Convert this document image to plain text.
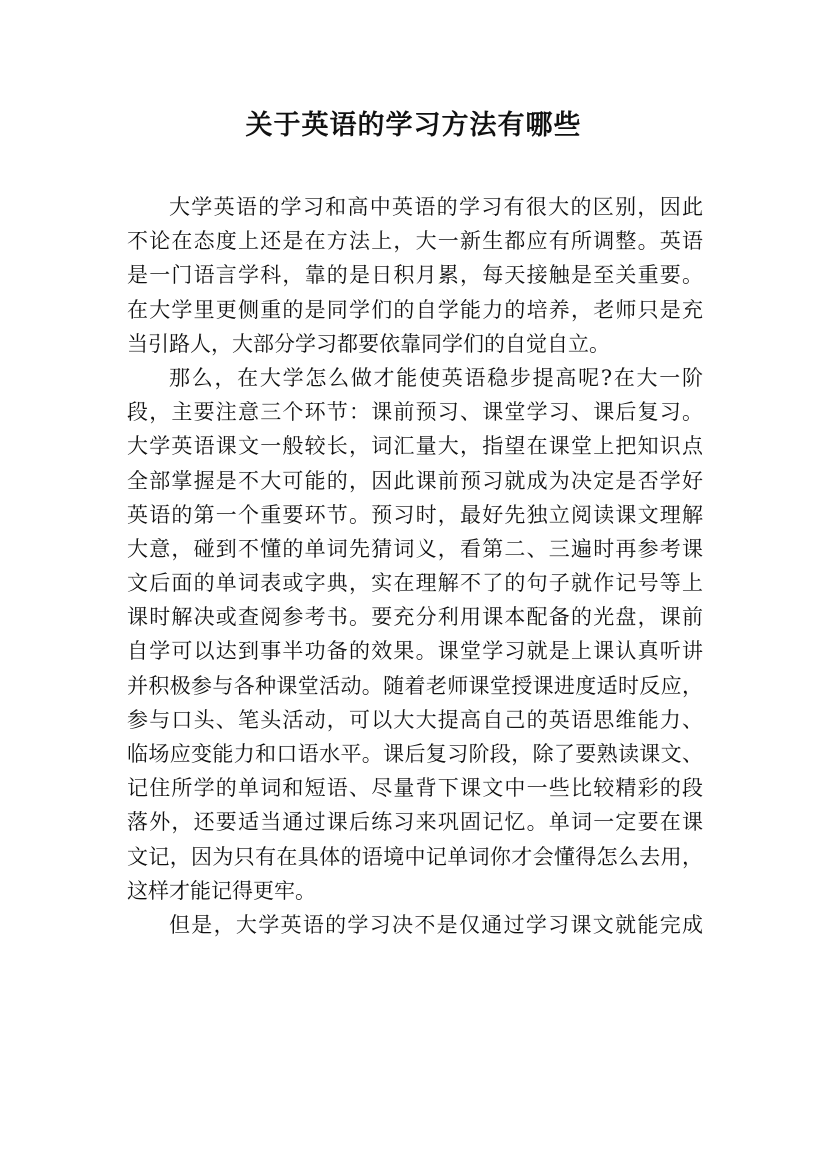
关于英语的学习方法有哪些
大学英语的学习和高中英语的学习有很大的区别，因此
不论在态度上还是在方法上，大一新生都应有所调整。英语
是一门语言学科，靠的是日积月累，每天接触是至关重要。
在大学里更侧重的是同学们的自学能力的培养，老师只是充
当引路人，大部分学习都要依靠同学们的自觉自立。
那么，在大学怎么做才能使英语稳步提高呢?在大一阶
段，主要注意三个环节：课前预习、课堂学习、课后复习。
大学英语课文一般较长，词汇量大，指望在课堂上把知识点
全部掌握是不大可能的，因此课前预习就成为决定是否学好
英语的第一个重要环节。预习时，最好先独立阅读课文理解
大意，碰到不懂的单词先猜词义，看第二、三遍时再参考课
文后面的单词表或字典，实在理解不了的句子就作记号等上
课时解决或查阅参考书。要充分利用课本配备的光盘，课前
自学可以达到事半功备的效果。课堂学习就是上课认真听讲
并积极参与各种课堂活动。随着老师课堂授课进度适时反应，
参与口头、笔头活动，可以大大提高自己的英语思维能力、
临场应变能力和口语水平。课后复习阶段，除了要熟读课文、
记住所学的单词和短语、尽量背下课文中一些比较精彩的段
落外，还要适当通过课后练习来巩固记忆。单词一定要在课
文记，因为只有在具体的语境中记单词你才会懂得怎么去用，
这样才能记得更牢。
但是，大学英语的学习决不是仅通过学习课文就能完成
